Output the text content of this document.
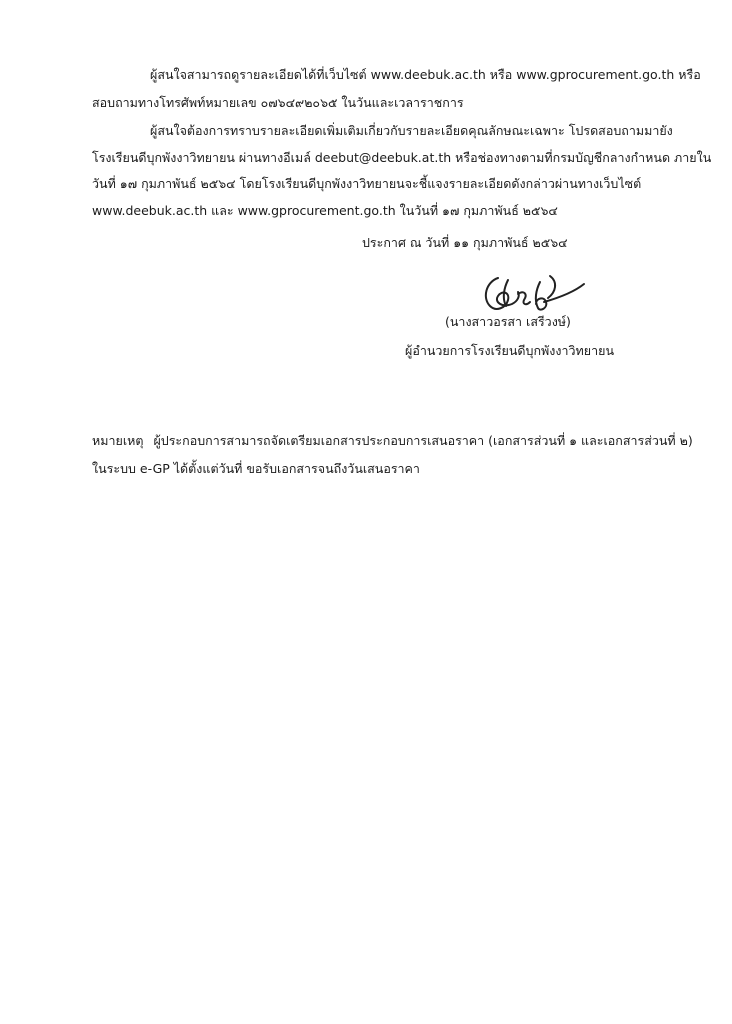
ผู้สนใจสามารถดูรายละเอียดได้ที่เว็บไซต์ www.deebuk.ac.th หรือ www.gprocurement.go.th หรือ
สอบถามทางโทรศัพท์หมายเลข ๐๗๖๔๙๒๐๖๕ ในวันและเวลาราชการ
ผู้สนใจต้องการทราบรายละเอียดเพิ่มเติมเกี่ยวกับรายละเอียดคุณลักษณะเฉพาะ โปรดสอบถามมายัง
โรงเรียนดีบุกพังงาวิทยายน ผ่านทางอีเมล์ deebut@deebuk.at.th หรือช่องทางตามที่กรมบัญชีกลางกำหนด ภายใน
วันที่ ๑๗ กุมภาพันธ์ ๒๕๖๔ โดยโรงเรียนดีบุกพังงาวิทยายนจะชี้แจงรายละเอียดดังกล่าวผ่านทางเว็บไซต์
www.deebuk.ac.th และ www.gprocurement.go.th ในวันที่ ๑๗ กุมภาพันธ์ ๒๕๖๔
ประกาศ ณ วันที่ ๑๑ กุมภาพันธ์ ๒๕๖๔
(นางสาวอรสา เสรีวงษ์)
ผู้อำนวยการโรงเรียนดีบุกพังงาวิทยายน
หมายเหตุ ผู้ประกอบการสามารถจัดเตรียมเอกสารประกอบการเสนอราคา (เอกสารส่วนที่ ๑ และเอกสารส่วนที่ ๒)
ในระบบ e-GP ได้ตั้งแต่วันที่ ขอรับเอกสารจนถึงวันเสนอราคา
